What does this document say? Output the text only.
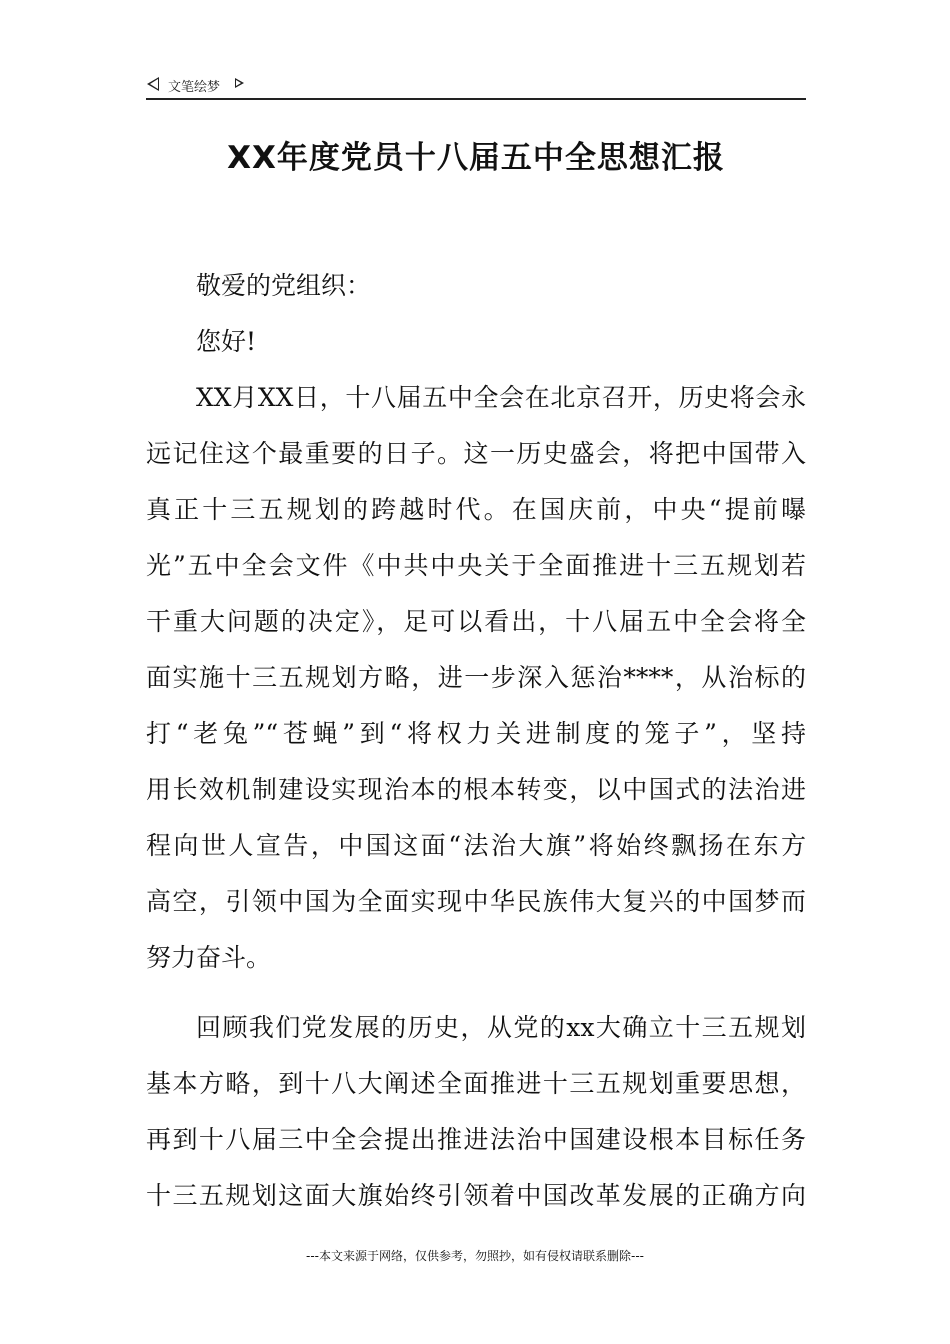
文笔绘梦
XX年度党员十八届五中全思想汇报
敬爱的党组织：
您好!
XX月XX日，十八届五中全会在北京召开，历史将会永
远记住这个最重要的日子。这一历史盛会，将把中国带入
真正十三五规划的跨越时代。在国庆前，中央“提前曝
光”五中全会文件《中共中央关于全面推进十三五规划若
干重大问题的决定》，足可以看出，十八届五中全会将全
面实施十三五规划方略，进一步深入惩治****，从治标的
打“老兔”“苍蝇”到“将权力关进制度的笼子”，坚持
用长效机制建设实现治本的根本转变，以中国式的法治进
程向世人宣告，中国这面“法治大旗”将始终飘扬在东方
高空，引领中国为全面实现中华民族伟大复兴的中国梦而
努力奋斗。
回顾我们党发展的历史，从党的xx大确立十三五规划
基本方略，到十八大阐述全面推进十三五规划重要思想，
再到十八届三中全会提出推进法治中国建设根本目标任务
十三五规划这面大旗始终引领着中国改革发展的正确方向
---本文来源于网络，仅供参考，勿照抄，如有侵权请联系删除---
